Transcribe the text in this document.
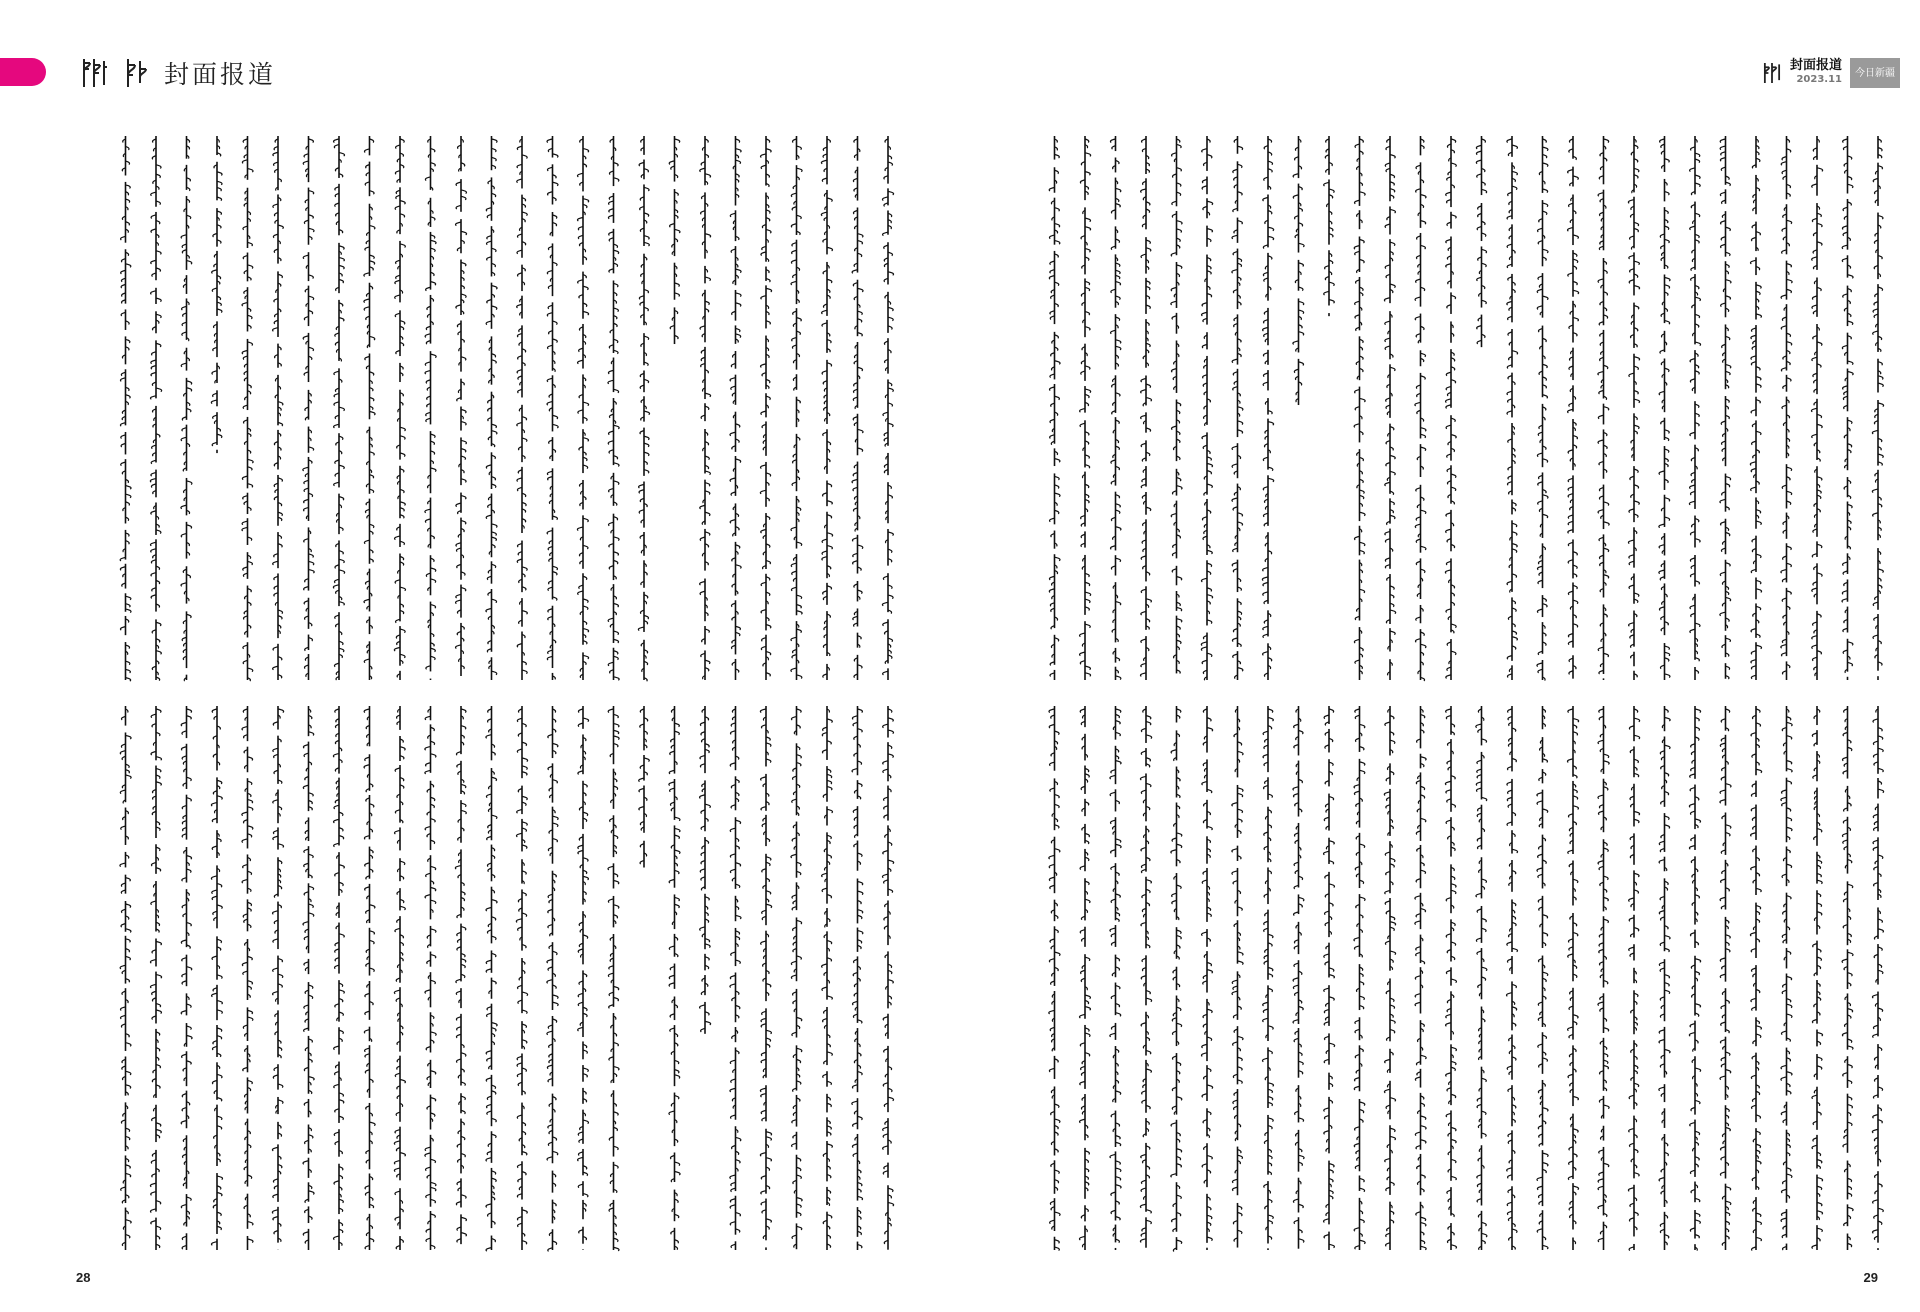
封面报道	封面报道
2023.11
今日新疆
28	29
